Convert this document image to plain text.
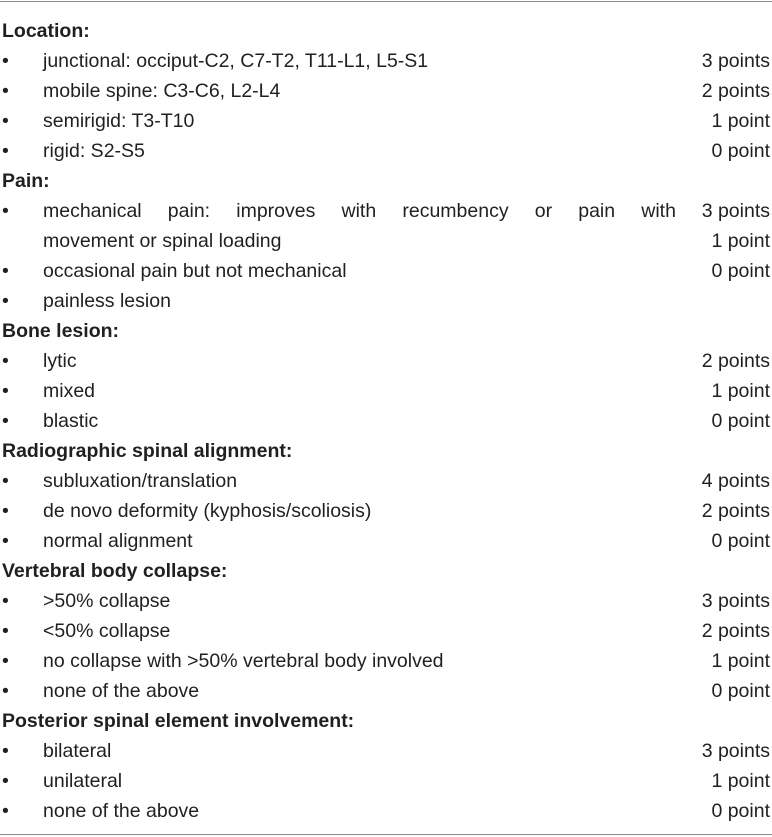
Location:
• junctional: occiput-C2, C7-T2, T11-L1, L5-S1	3 points
• mobile spine: C3-C6, L2-L4	2 points
• semirigid: T3-T10	1 point
• rigid: S2-S5	0 point
Pain:
• mechanical pain: improves with recumbency or pain with 3 points
movement or spinal loading	1 point
• occasional pain but not mechanical	0 point
• painless lesion
Bone lesion:
• lytic	2 points
• mixed	1 point
• blastic	0 point
Radiographic spinal alignment:
• subluxation/translation	4 points
• de novo deformity (kyphosis/scoliosis)	2 points
• normal alignment	0 point
Vertebral body collapse:
• >50% collapse	3 points
• <50% collapse	2 points
• no collapse with >50% vertebral body involved	1 point
• none of the above	0 point
Posterior spinal element involvement:
• bilateral	3 points
• unilateral	1 point
• none of the above	0 point
